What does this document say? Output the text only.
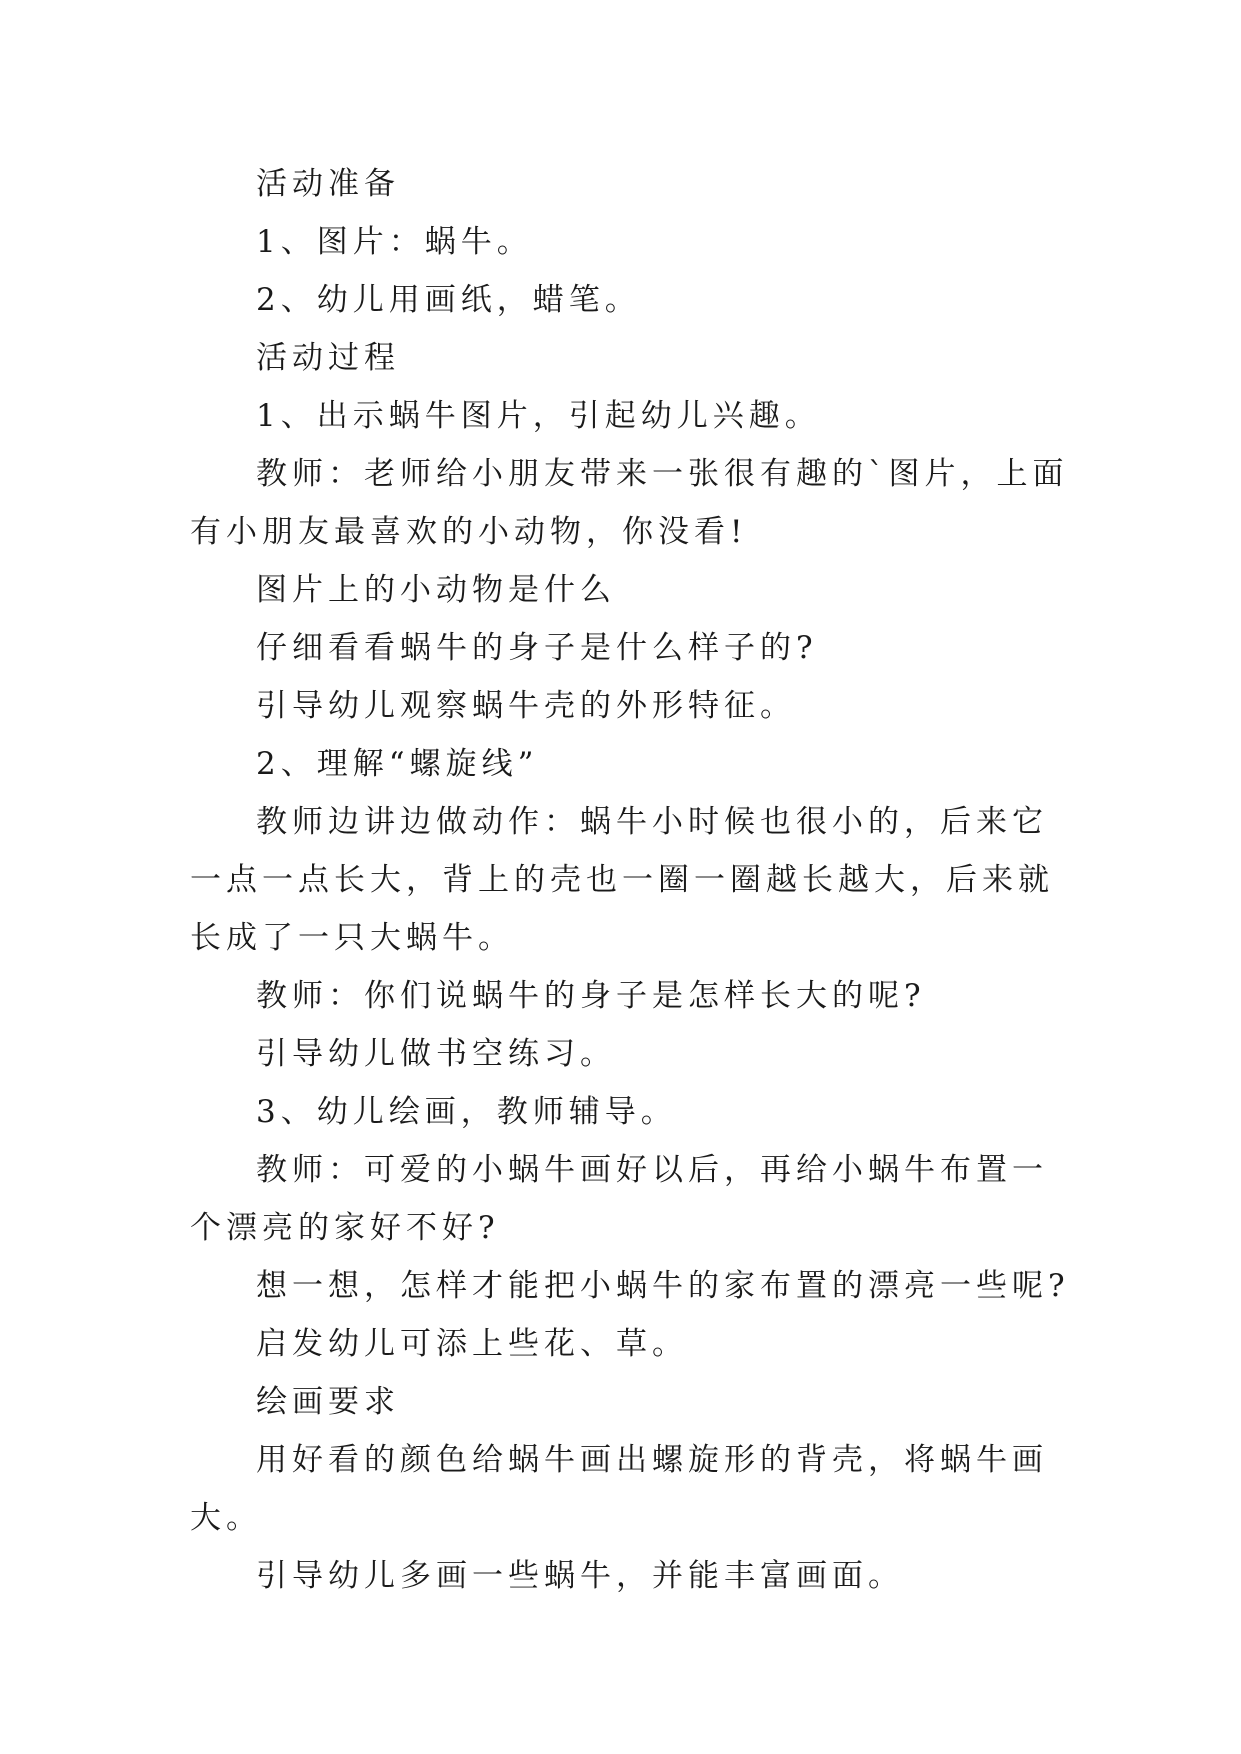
活动准备

1、图片：蜗牛。

2、幼儿用画纸，蜡笔。

活动过程

1、出示蜗牛图片，引起幼儿兴趣。

教师：老师给小朋友带来一张很有趣的`图片，上面有小朋友最喜欢的小动物，你没看!

图片上的小动物是什么

仔细看看蜗牛的身子是什么样子的?

引导幼儿观察蜗牛壳的外形特征。

2、理解“螺旋线”

教师边讲边做动作：蜗牛小时候也很小的，后来它一点一点长大，背上的壳也一圈一圈越长越大，后来就长成了一只大蜗牛。

教师：你们说蜗牛的身子是怎样长大的呢?

引导幼儿做书空练习。

3、幼儿绘画，教师辅导。

教师：可爱的小蜗牛画好以后，再给小蜗牛布置一个漂亮的家好不好?

想一想，怎样才能把小蜗牛的家布置的漂亮一些呢?

启发幼儿可添上些花、草。

绘画要求

用好看的颜色给蜗牛画出螺旋形的背壳，将蜗牛画大。

引导幼儿多画一些蜗牛，并能丰富画面。
